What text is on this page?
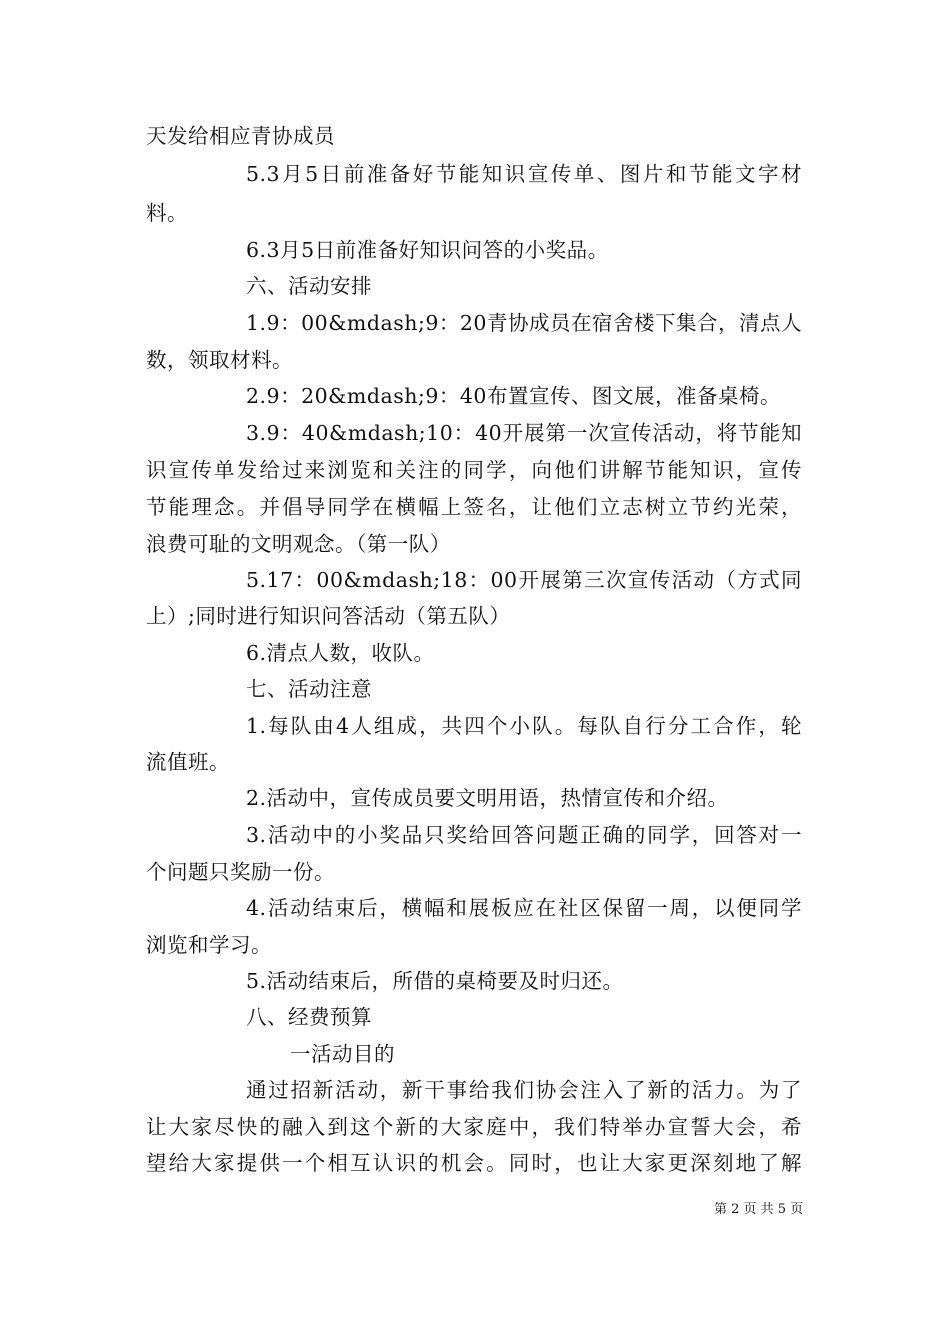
天发给相应青协成员
5.3月5日前准备好节能知识宣传单、图片和节能文字材
料。
6.3月5日前准备好知识问答的小奖品。
六、活动安排
1.9：00&mdash;9：20青协成员在宿舍楼下集合，清点人
数，领取材料。
2.9：20&mdash;9：40布置宣传、图文展，准备桌椅。
3.9：40&mdash;10：40开展第一次宣传活动，将节能知
识宣传单发给过来浏览和关注的同学，向他们讲解节能知识，宣传
节能理念。并倡导同学在横幅上签名，让他们立志树立节约光荣，
浪费可耻的文明观念。（第一队）
5.17：00&mdash;18：00开展第三次宣传活动（方式同
上）;同时进行知识问答活动（第五队）
6.清点人数，收队。
七、活动注意
1.每队由4人组成，共四个小队。每队自行分工合作，轮
流值班。
2.活动中，宣传成员要文明用语，热情宣传和介绍。
3.活动中的小奖品只奖给回答问题正确的同学，回答对一
个问题只奖励一份。
4.活动结束后，横幅和展板应在社区保留一周，以便同学
浏览和学习。
5.活动结束后，所借的桌椅要及时归还。
八、经费预算
一活动目的
通过招新活动，新干事给我们协会注入了新的活力。为了
让大家尽快的融入到这个新的大家庭中，我们特举办宣誓大会，希
望给大家提供一个相互认识的机会。同时，也让大家更深刻地了解
第 2 页 共 5 页
